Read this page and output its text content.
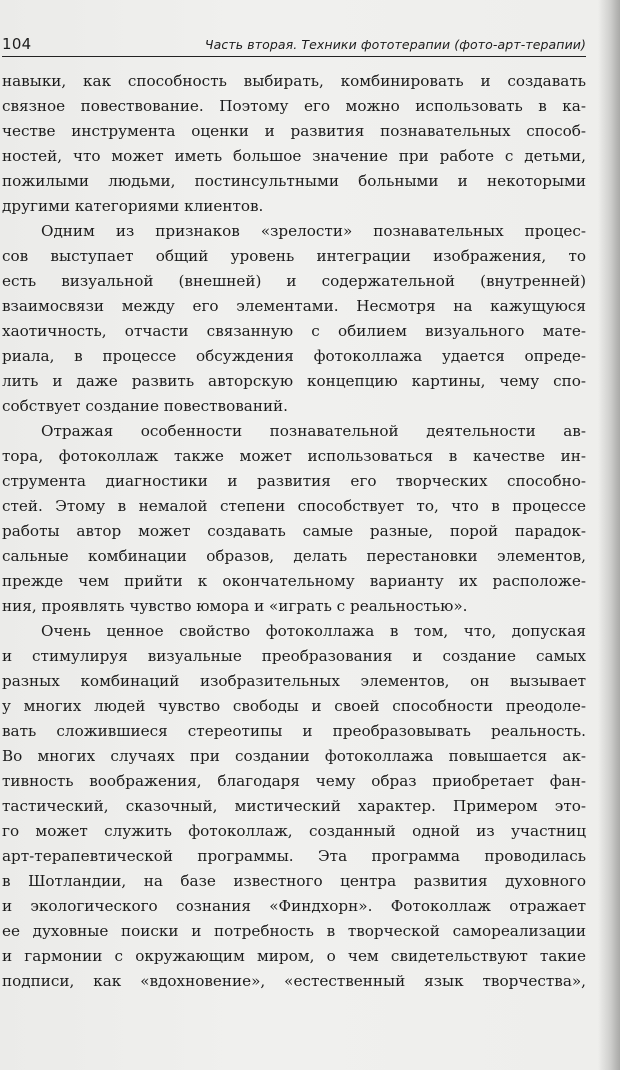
104	Часть вторая. Техники фототерапии (фото-арт-терапии)
навыки, как способность выбирать, комбинировать и создавать
связное повествование. Поэтому его можно использовать в ка-
честве инструмента оценки и развития познавательных способ-
ностей, что может иметь большое значение при работе с детьми,
пожилыми людьми, постинсультными больными и некоторыми
другими категориями клиентов.
Одним из признаков «зрелости» познавательных процес-
сов выступает общий уровень интеграции изображения, то
есть визуальной (внешней) и содержательной (внутренней)
взаимосвязи между его элементами. Несмотря на кажущуюся
хаотичность, отчасти связанную с обилием визуального мате-
риала, в процессе обсуждения фотоколлажа удается опреде-
лить и даже развить авторскую концепцию картины, чему спо-
собствует создание повествований.
Отражая особенности познавательной деятельности ав-
тора, фотоколлаж также может использоваться в качестве ин-
струмента диагностики и развития его творческих способно-
стей. Этому в немалой степени способствует то, что в процессе
работы автор может создавать самые разные, порой парадок-
сальные комбинации образов, делать перестановки элементов,
прежде чем прийти к окончательному варианту их расположе-
ния, проявлять чувство юмора и «играть с реальностью».
Очень ценное свойство фотоколлажа в том, что, допуская
и стимулируя визуальные преобразования и создание самых
разных комбинаций изобразительных элементов, он вызывает
у многих людей чувство свободы и своей способности преодоле-
вать сложившиеся стереотипы и преобразовывать реальность.
Во многих случаях при создании фотоколлажа повышается ак-
тивность воображения, благодаря чему образ приобретает фан-
тастический, сказочный, мистический характер. Примером это-
го может служить фотоколлаж, созданный одной из участниц
арт-терапевтической программы. Эта программа проводилась
в Шотландии, на базе известного центра развития духовного
и экологического сознания «Финдхорн». Фотоколлаж отражает
ее духовные поиски и потребность в творческой самореализации
и гармонии с окружающим миром, о чем свидетельствуют такие
подписи, как «вдохновение», «естественный язык творчества»,
